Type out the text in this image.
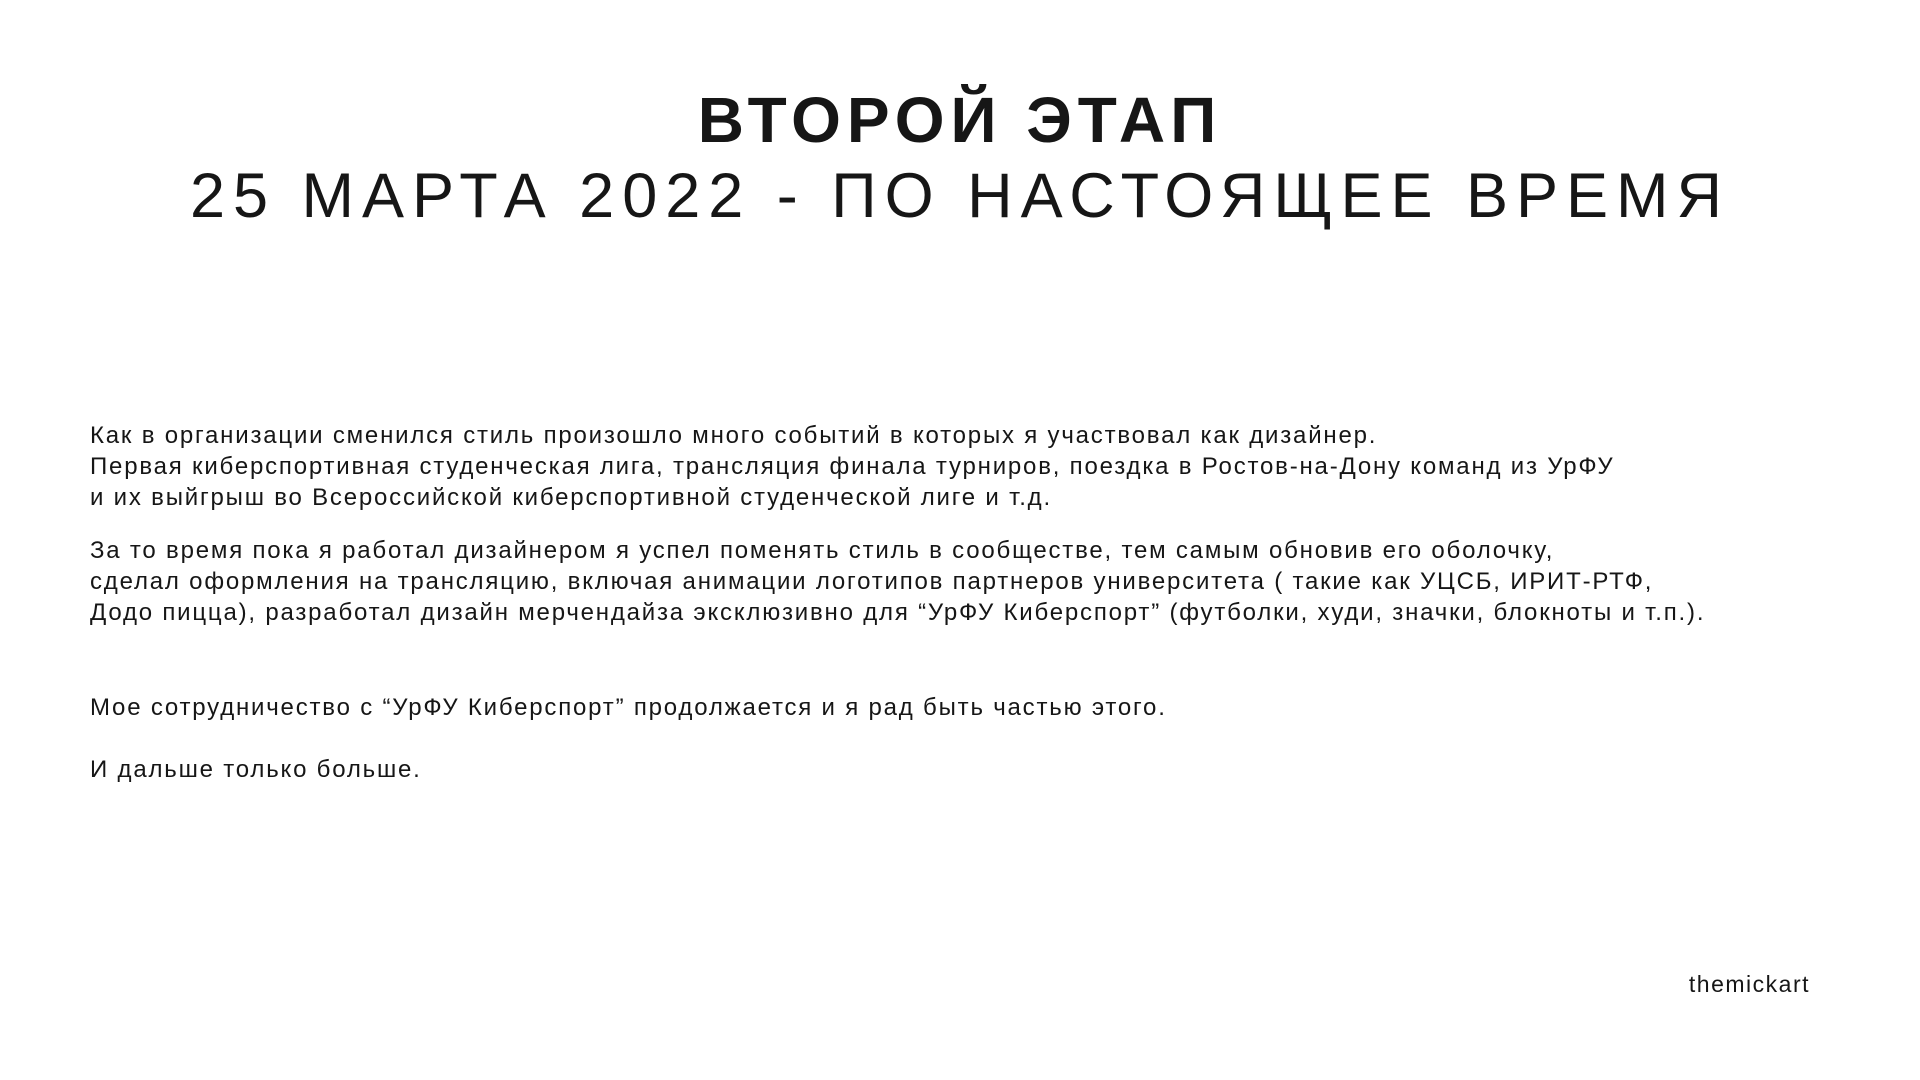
ВТОРОЙ ЭТАП
25 МАРТА 2022 - ПО НАСТОЯЩЕЕ ВРЕМЯ
Как в организации сменился стиль произошло много событий в которых я участвовал как дизайнер.
Первая киберспортивная студенческая лига, трансляция финала турниров, поездка в Ростов-на-Дону команд из УрФУ
и их выйгрыш во Всероссийской киберспортивной студенческой лиге и т.д.
За то время пока я работал дизайнером я успел поменять стиль в сообществе, тем самым обновив его оболочку,
сделал оформления на трансляцию, включая анимации логотипов партнеров университета ( такие как УЦСБ, ИРИТ-РТФ,
Додо пицца), разработал дизайн мерчендайза эксклюзивно для “УрФУ Киберспорт” (футболки, худи, значки, блокноты и т.п.).
Мое сотрудничество с “УрФУ Киберспорт” продолжается и я рад быть частью этого.
И дальше только больше.
themickart
